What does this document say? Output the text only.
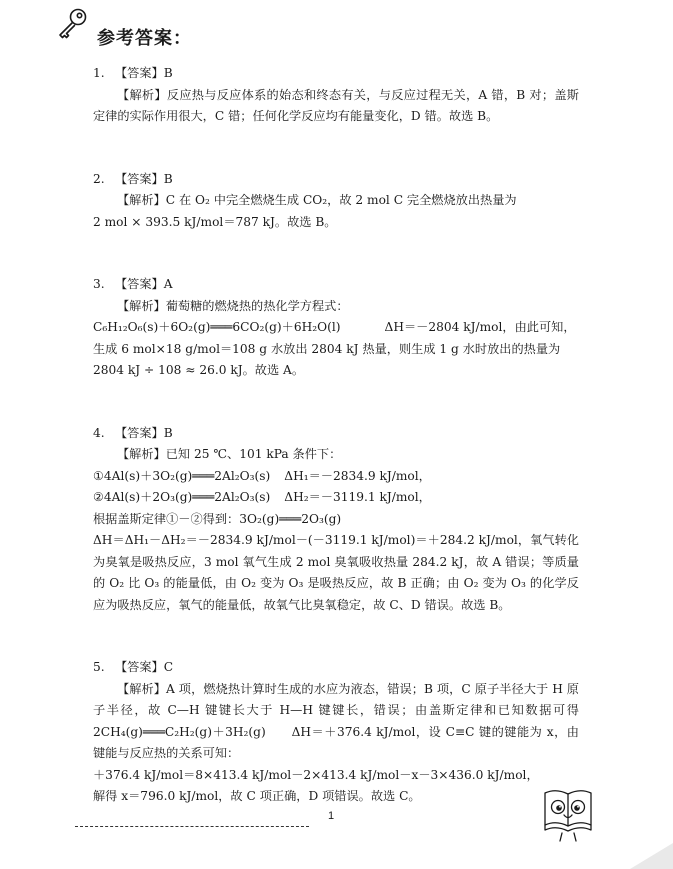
参考答案：
1. 【答案】B

【解析】反应热与反应体系的始态和终态有关，与反应过程无关，A 错，B 对；盖斯定律的实际作用很大，C 错；任何化学反应均有能量变化，D 错。故选 B。

2. 【答案】B
【解析】C 在 O₂ 中完全燃烧生成 CO₂，故 2 mol C 完全燃烧放出热量为
2 mol × 393.5 kJ/mol＝787 kJ。故选 B。
3. 【答案】A
【解析】葡萄糖的燃烧热的热化学方程式：
C₆H₁₂O₆(s)＋6O₂(g)═══6CO₂(g)＋6H₂O(l)	ΔH＝－2804 kJ/mol，由此可知，
生成 6 mol×18 g/mol＝108 g 水放出 2804 kJ 热量，则生成 1 g 水时放出的热量为
2804 kJ ÷ 108 ≈ 26.0 kJ。故选 A。
4. 【答案】B
【解析】已知 25 ℃、101 kPa 条件下：
①4Al(s)＋3O₂(g)═══2Al₂O₃(s) ΔH₁＝－2834.9 kJ/mol，
②4Al(s)＋2O₃(g)═══2Al₂O₃(s) ΔH₂＝－3119.1 kJ/mol，
根据盖斯定律①－②得到：3O₂(g)═══2O₃(g)

ΔH＝ΔH₁－ΔH₂＝－2834.9 kJ/mol－(－3119.1 kJ/mol)＝＋284.2 kJ/mol，氧气转化为臭氧是吸热反应，3 mol 氧气生成 2 mol 臭氧吸收热量 284.2 kJ，故 A 错误；等质量的 O₂ 比 O₃ 的能量低，由 O₂ 变为 O₃ 是吸热反应，故 B 正确；由 O₂ 变为 O₃ 的化学反应为吸热反应，氧气的能量低，故氧气比臭氧稳定，故 C、D 错误。故选 B。

5. 【答案】C

【解析】A 项，燃烧热计算时生成的水应为液态，错误；B 项，C 原子半径大于 H 原子半径，故 C—H 键键长大于 H—H 键键长，错误；由盖斯定律和已知数据可得 2CH₄(g)═══C₂H₂(g)＋3H₂(g)　　ΔH＝＋376.4 kJ/mol，设 C≡C 键的键能为 x，由键能与反应热的关系可知：

＋376.4 kJ/mol＝8×413.4 kJ/mol－2×413.4 kJ/mol－x－3×436.0 kJ/mol，
解得 x＝796.0 kJ/mol，故 C 项正确，D 项错误。故选 C。
1
